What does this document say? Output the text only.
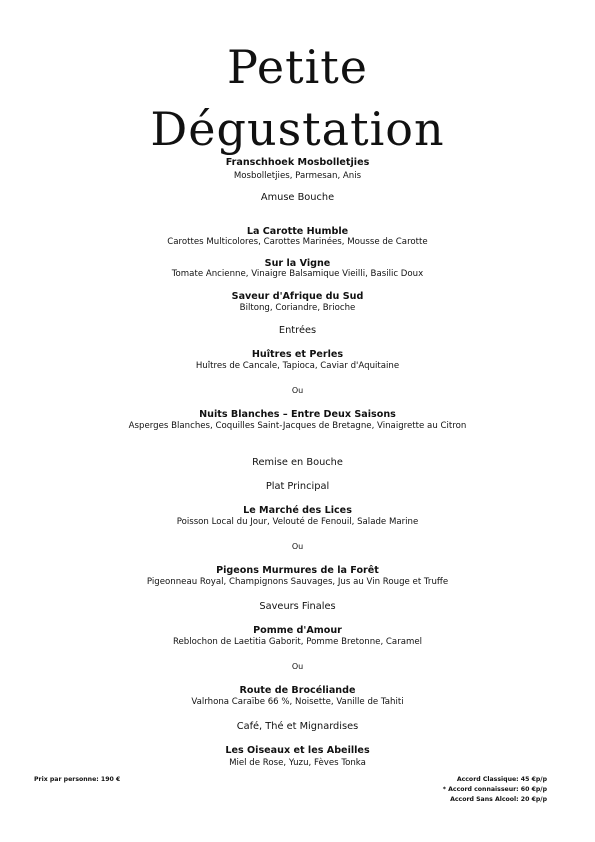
Petite
Dégustation

Franschhoek Mosbolletjies

Mosbolletjies, Parmesan, Anis

Amuse Bouche

La Carotte Humble

Carottes Multicolores, Carottes Marinées, Mousse de Carotte

Sur la Vigne

Tomate Ancienne, Vinaigre Balsamique Vieilli, Basilic Doux

Saveur d'Afrique du Sud

Biltong, Coriandre, Brioche

Entrées

Huîtres et Perles

Huîtres de Cancale, Tapioca, Caviar d'Aquitaine

Ou

Nuits Blanches – Entre Deux Saisons

Asperges Blanches, Coquilles Saint-Jacques de Bretagne, Vinaigrette au Citron

Remise en Bouche

Plat Principal

Le Marché des Lices

Poisson Local du Jour, Velouté de Fenouil, Salade Marine

Ou

Pigeons Murmures de la Forêt

Pigeonneau Royal, Champignons Sauvages, Jus au Vin Rouge et Truffe

Saveurs Finales

Pomme d'Amour

Reblochon de Laetitia Gaborit, Pomme Bretonne, Caramel

Ou

Route de Brocéliande

Valrhona Caraïbe 66 %, Noisette, Vanille de Tahiti

Café, Thé et Mignardises

Les Oiseaux et les Abeilles

Miel de Rose, Yuzu, Fèves Tonka

Prix par personne: 190 €	Accord Classique: 45 €p/p

* Accord connaisseur: 60 €p/p

Accord Sans Alcool: 20 €p/p
